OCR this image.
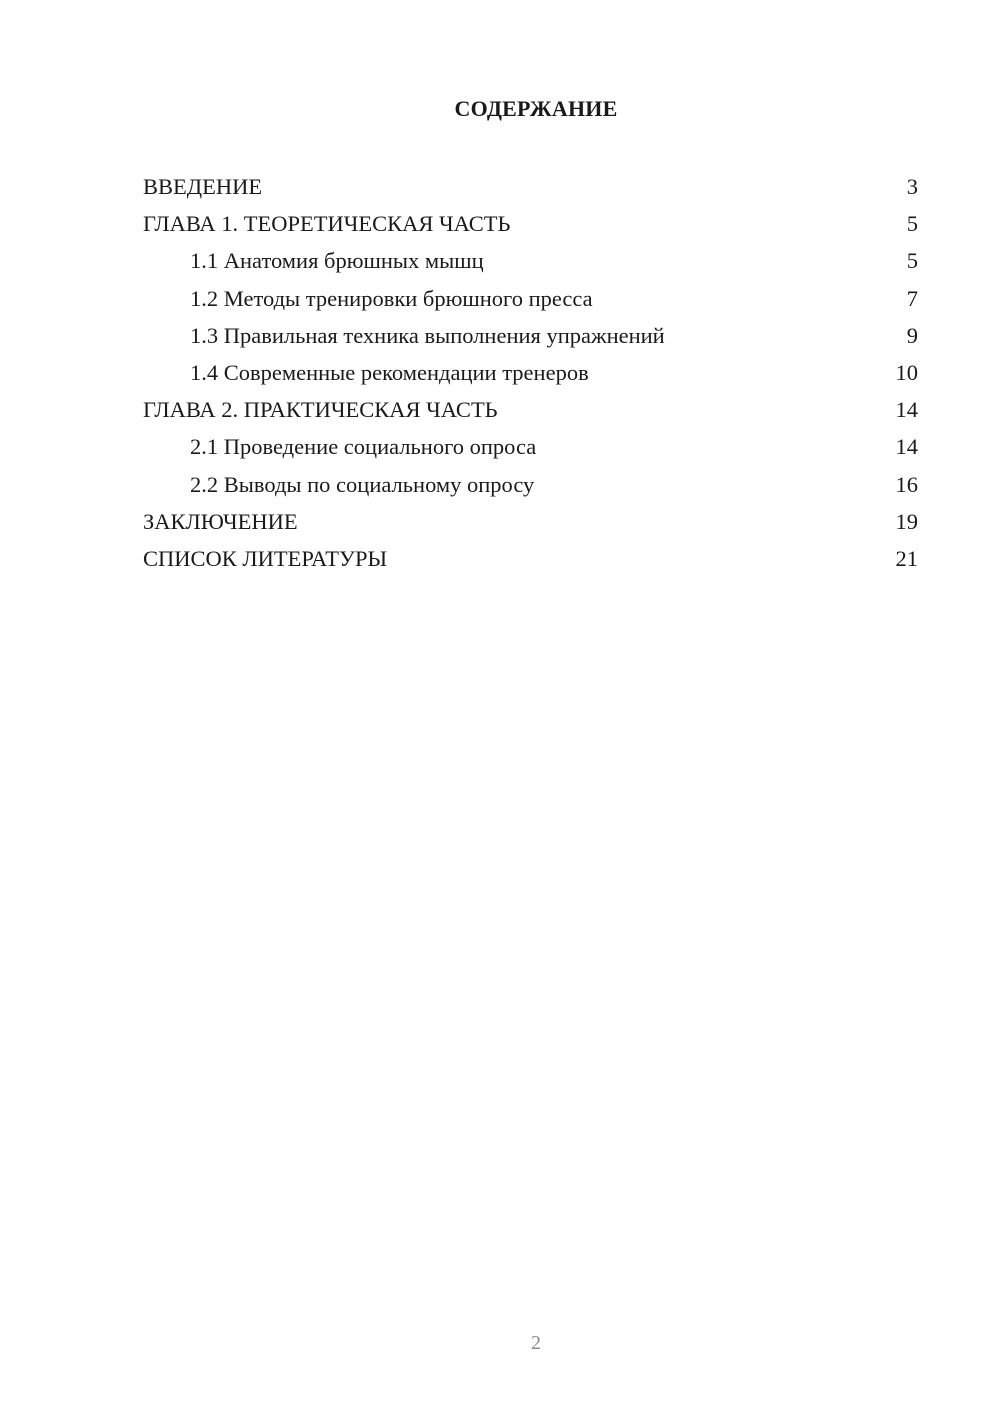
СОДЕРЖАНИЕ
ВВЕДЕНИЕ	3
ГЛАВА 1. ТЕОРЕТИЧЕСКАЯ ЧАСТЬ	5
1.1 Анатомия брюшных мышц	5
1.2 Методы тренировки брюшного пресса	7
1.3 Правильная техника выполнения упражнений	9
1.4 Современные рекомендации тренеров	10
ГЛАВА 2. ПРАКТИЧЕСКАЯ ЧАСТЬ	14
2.1 Проведение социального опроса	14
2.2 Выводы по социальному опросу	16
ЗАКЛЮЧЕНИЕ	19
СПИСОК ЛИТЕРАТУРЫ	21
2
